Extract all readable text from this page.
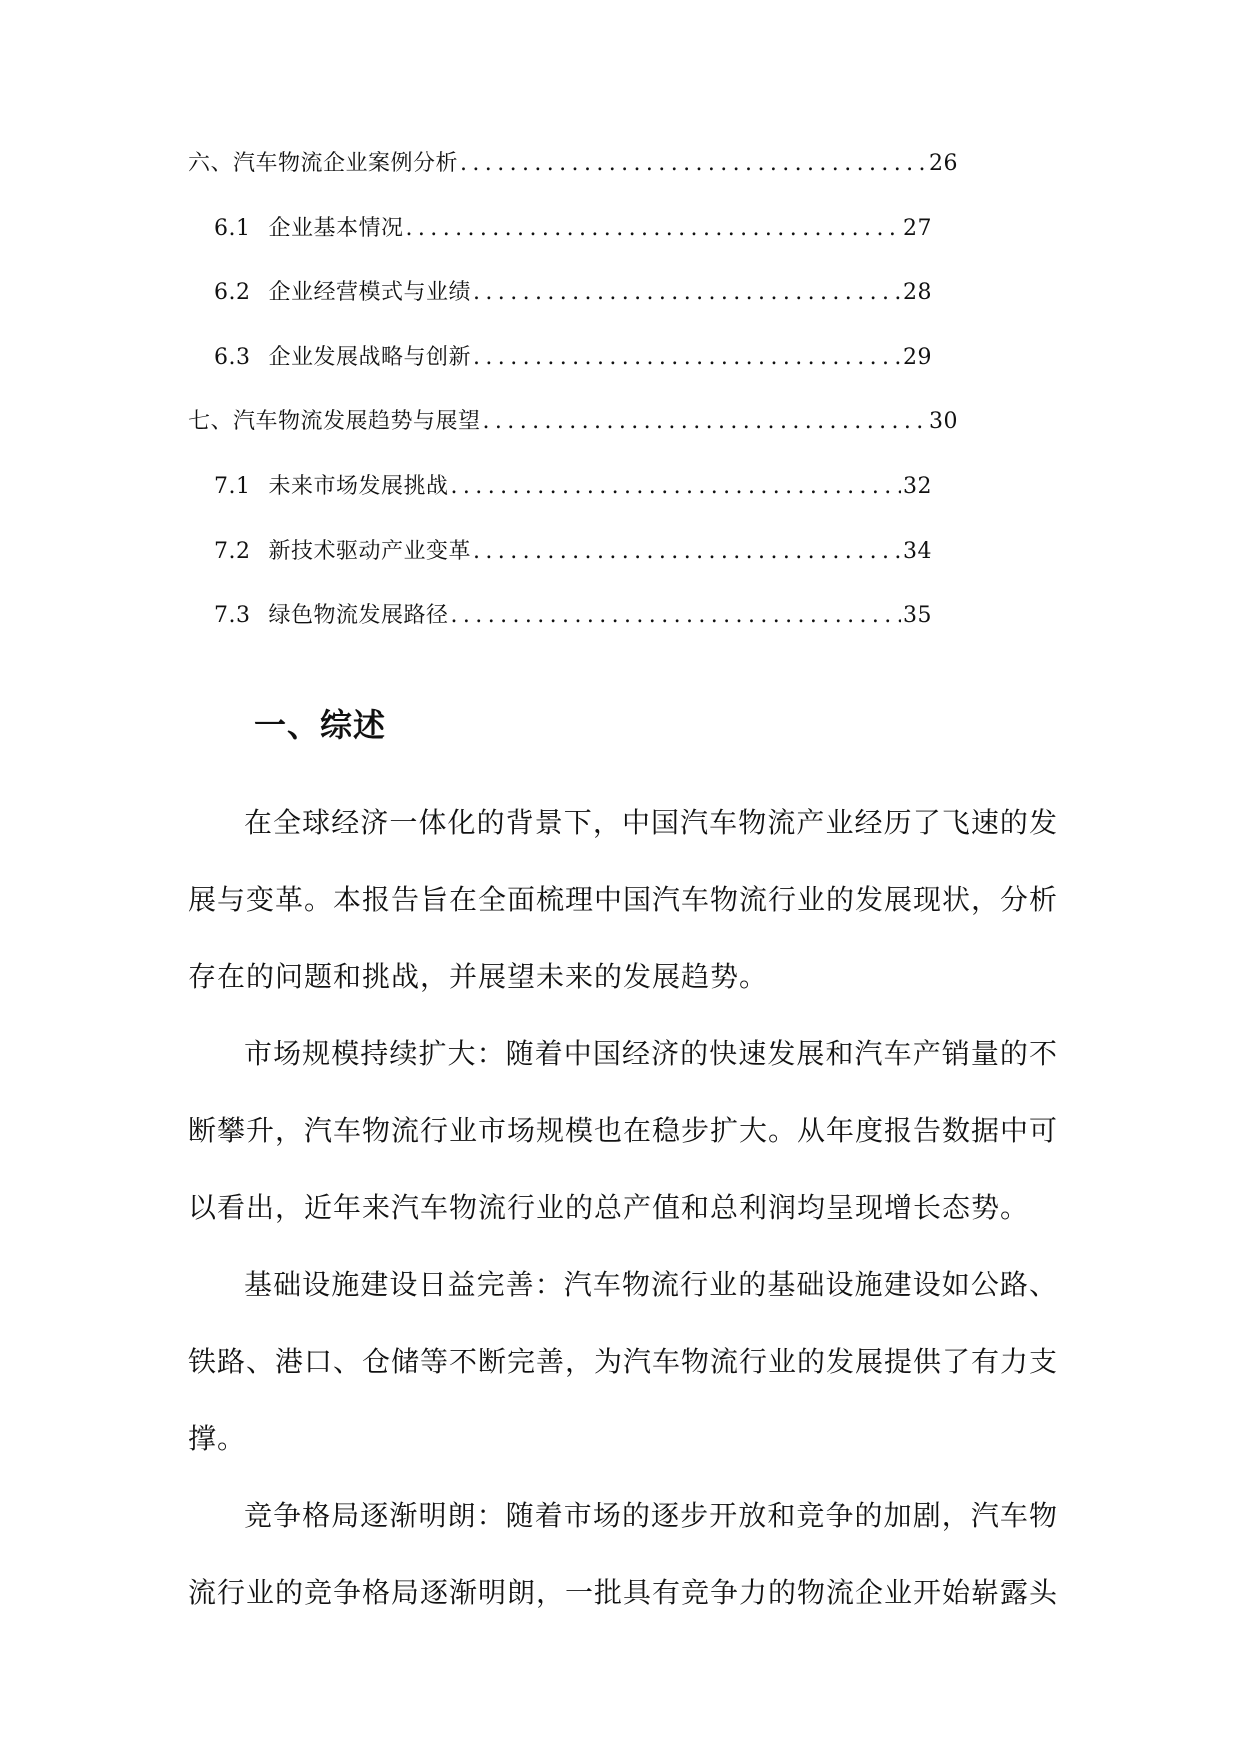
六、汽车物流企业案例分析 .....	26
6.1 企业基本情况 .....	27
6.2 企业经营模式与业绩 .....	28
6.3 企业发展战略与创新 .....	29
七、汽车物流发展趋势与展望 .....	30
7.1 未来市场发展挑战 .....	32
7.2 新技术驱动产业变革 .....	34
7.3 绿色物流发展路径 .....	35
一、综述

在全球经济一体化的背景下，中国汽车物流产业经历了飞速的发展与变革。本报告旨在全面梳理中国汽车物流行业的发展现状，分析存在的问题和挑战，并展望未来的发展趋势。

市场规模持续扩大：随着中国经济的快速发展和汽车产销量的不断攀升，汽车物流行业市场规模也在稳步扩大。从年度报告数据中可以看出，近年来汽车物流行业的总产值和总利润均呈现增长态势。

基础设施建设日益完善：汽车物流行业的基础设施建设如公路、铁路、港口、仓储等不断完善，为汽车物流行业的发展提供了有力支撑。

竞争格局逐渐明朗：随着市场的逐步开放和竞争的加剧，汽车物流行业的竞争格局逐渐明朗，一批具有竞争力的物流企业开始崭露头
